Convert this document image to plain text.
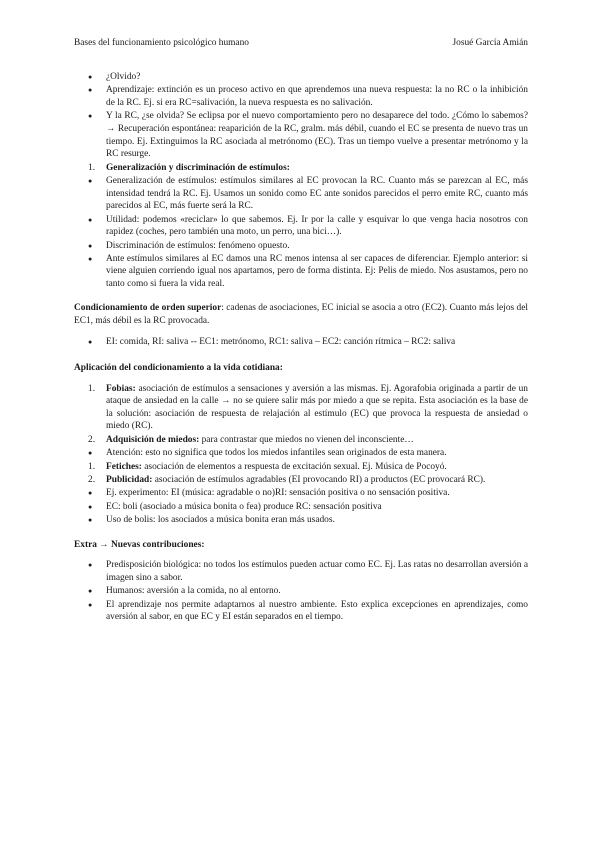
Bases del funcionamiento psicológico humano	Josué García Amián
● ¿Olvido?
● Aprendizaje: extinción es un proceso activo en que aprendemos una nueva respuesta: la no RC o la inhibición de la RC. Ej. si era RC=salivación, la nueva respuesta es no salivación.
● Y la RC, ¿se olvida? Se eclipsa por el nuevo comportamiento pero no desaparece del todo. ¿Cómo lo sabemos? → Recuperación espontánea: reaparición de la RC, gralm. más débil, cuando el EC se presenta de nuevo tras un tiempo. Ej. Extinguimos la RC asociada al metrónomo (EC). Tras un tiempo vuelve a presentar metrónomo y la RC resurge.
1. Generalización y discriminación de estímulos:
● Generalización de estímulos: estímulos similares al EC provocan la RC. Cuanto más se parezcan al EC, más intensidad tendrá la RC. Ej. Usamos un sonido como EC ante sonidos parecidos el perro emite RC, cuanto más parecidos al EC, más fuerte será la RC.
● Utilidad: podemos «reciclar» lo que sabemos. Ej. Ir por la calle y esquivar lo que venga hacia nosotros con rapidez (coches, pero también una moto, un perro, una bici…).
● Discriminación de estímulos: fenómeno opuesto.
● Ante estímulos similares al EC damos una RC menos intensa al ser capaces de diferenciar. Ejemplo anterior: si viene alguien corriendo igual nos apartamos, pero de forma distinta. Ej: Pelis de miedo. Nos asustamos, pero no tanto como si fuera la vida real.

Condicionamiento de orden superior: cadenas de asociaciones, EC inicial se asocia a otro (EC2). Cuanto más lejos del EC1, más débil es la RC provocada.

● EI: comida, RI: saliva -- EC1: metrónomo, RC1: saliva – EC2: canción rítmica – RC2: saliva

Aplicación del condicionamiento a la vida cotidiana:

1. Fobias: asociación de estímulos a sensaciones y aversión a las mismas. Ej. Agorafobia originada a partir de un ataque de ansiedad en la calle → no se quiere salir más por miedo a que se repita. Esta asociación es la base de la solución: asociación de respuesta de relajación al estímulo (EC) que provoca la respuesta de ansiedad o miedo (RC).
2. Adquisición de miedos: para contrastar que miedos no vienen del inconsciente…
● Atención: esto no significa que todos los miedos infantiles sean originados de esta manera.
1. Fetiches: asociación de elementos a respuesta de excitación sexual. Ej. Música de Pocoyó.
2. Publicidad: asociación de estímulos agradables (EI provocando RI) a productos (EC provocará RC).
● Ej. experimento: EI (música: agradable o no)RI: sensación positiva o no sensación positiva.
● EC: boli (asociado a música bonita o fea) produce RC: sensación positiva
● Uso de bolis: los asociados a música bonita eran más usados.

Extra → Nuevas contribuciones:

● Predisposición biológica: no todos los estímulos pueden actuar como EC. Ej. Las ratas no desarrollan aversión a imagen sino a sabor.
● Humanos: aversión a la comida, no al entorno.
● El aprendizaje nos permite adaptarnos al nuestro ambiente. Esto explica excepciones en aprendizajes, como aversión al sabor, en que EC y EI están separados en el tiempo.
